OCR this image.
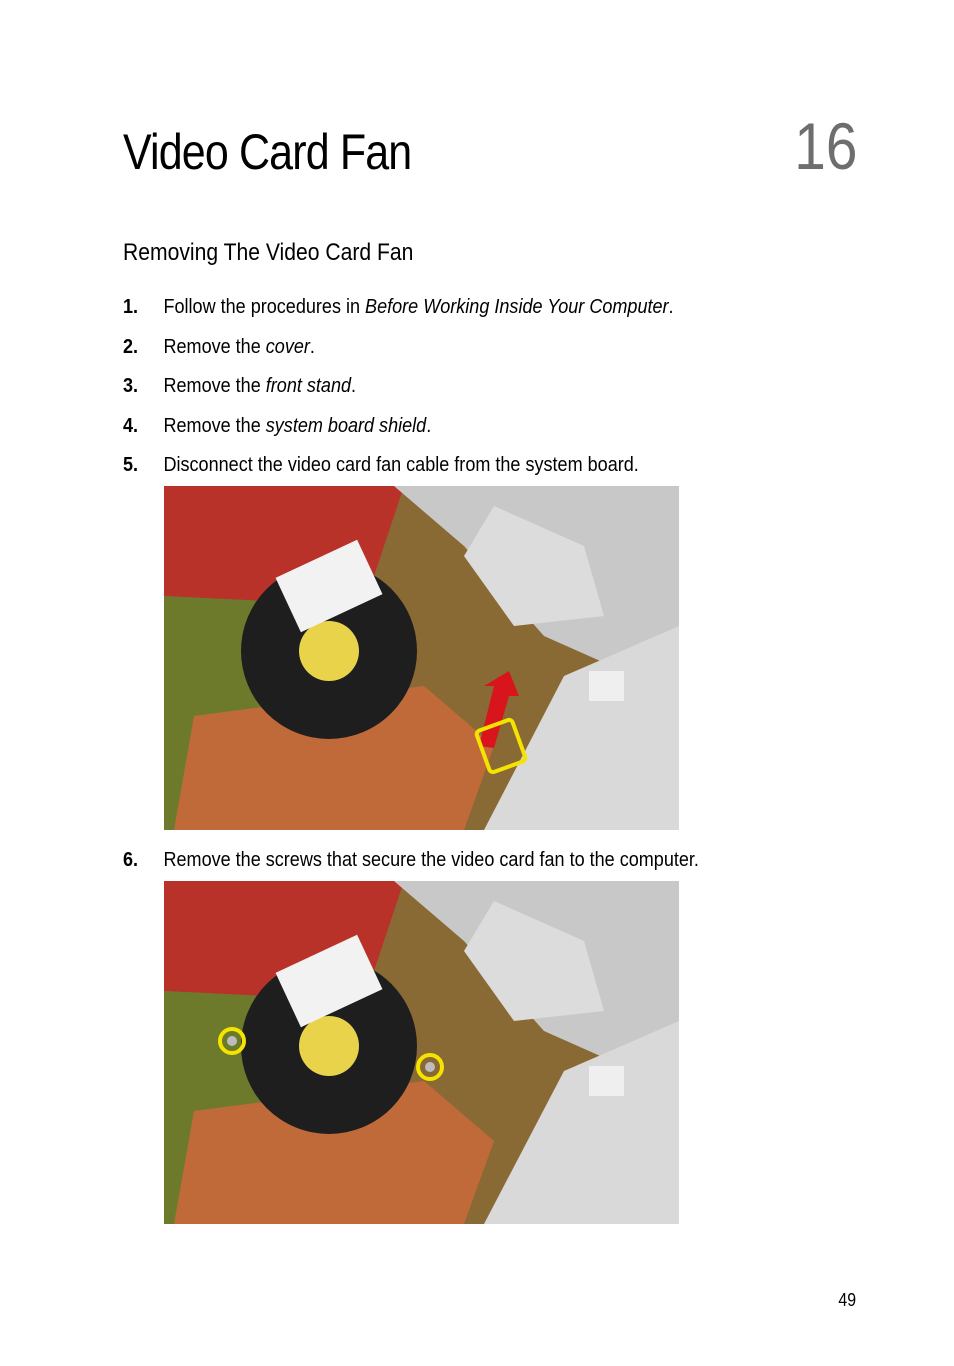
Video Card Fan	16
Removing The Video Card Fan
1. Follow the procedures in Before Working Inside Your Computer.
2. Remove the cover.
3. Remove the front stand.
4. Remove the system board shield.
5. Disconnect the video card fan cable from the system board.
6. Remove the screws that secure the video card fan to the computer.
49
